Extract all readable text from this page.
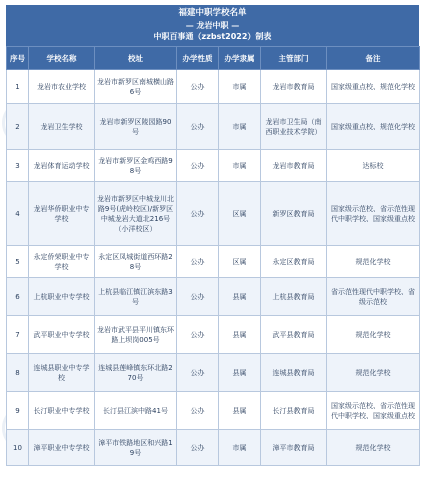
福建中职学校名单
— 龙岩中职 —
中职百事通（zzbst2022）制表
序号	学校名称	校址	办学性质	办学隶属	主管部门	备注
1	龙岩市农业学校	龙岩市新罗区南城横山路6号	公办	市属	龙岩市教育局	国家级重点校、规范化学校
2	龙岩卫生学校	龙岩市新罗区陵园路90号	公办	市属	龙岩市卫生局（南西职业技术学院）	国家级重点校、规范化学校
3	龙岩体育运动学校	龙岩市新罗区金鸡西路98号	公办	市属	龙岩市教育局	达标校
4	龙岩华侨职业中专学校	龙岩市新罗区中城龙川北路9号(虎岭校区)/新罗区中城龙岩大道北216号（小洋校区）	公办	区属	新罗区教育局	国家级示范校、省示范性现代中职学校、国家级重点校
5	永定侨荣职业中专学校	永定区凤城街道西环路28号	公办	区属	永定区教育局	规范化学校
6	上杭职业中专学校	上杭县临江镇江滨东路3号	公办	县属	上杭县教育局	省示范性现代中职学校、省级示范校
7	武平职业中专学校	龙岩市武平县平川镇东环路上坝岗005号	公办	县属	武平县教育局	规范化学校
8	连城县职业中专学校	连城县莲峰镇东环北路270号	公办	县属	连城县教育局	规范化学校
9	长汀职业中专学校	长汀县江滨中路41号	公办	县属	长汀县教育局	国家级示范校、省示范性现代中职学校、国家级重点校
10	漳平职业中专学校	漳平市铁路地区和兴路19号	公办	市属	漳平市教育局	规范化学校
